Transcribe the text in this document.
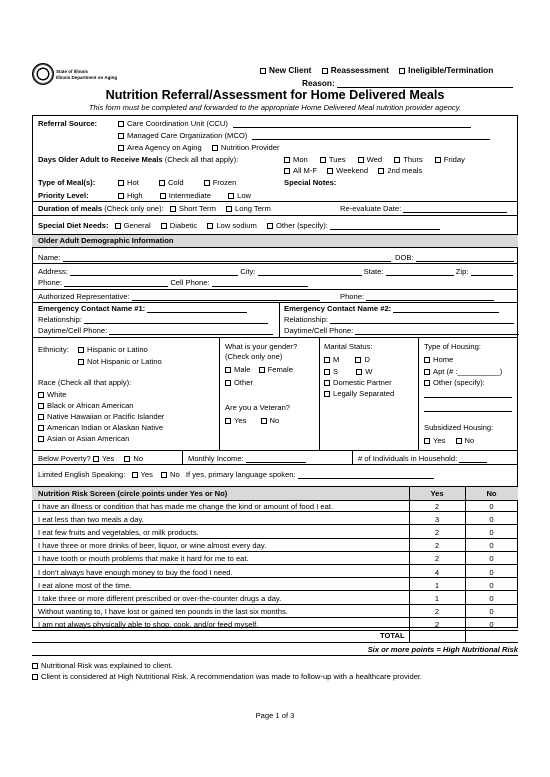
State of Illinois
Illinois Department on Aging
New Client Reassessment Ineligible/Termination
Reason:
Nutrition Referral/Assessment for Home Delivered Meals
This form must be completed and forwarded to the appropriate Home Delivered Meal nutrition provider agency.
Referral Source:	Care Coordination Unit (CCU)
Managed Care Organization (MCO)
Area Agency on Aging	Nutrition Provider
Days Older Adult to Receive Meals (Check all that apply):	Mon	Tues	Wed	Thurs	Friday
All M-F	Weekend	2nd meals
Type of Meal(s):	Hot	Cold	Frozen	Special Notes:
Priority Level:	High	Intermediate	Low
Duration of meals (Check only one): Short Term	Long Term	Re-evaluate Date:
Special Diet Needs: General	Diabetic	Low sodium	Other (specify):
Older Adult Demographic Information
Name:	DOB:
Address:	City:	State:	Zip:
Phone:	Cell Phone:
Authorized Representative:	Phone:
Emergency Contact Name #1:	Emergency Contact Name #2:
Relationship:	Relationship:
Daytime/Cell Phone:	Daytime/Cell Phone:
Ethnicity:	Hispanic or Latino
Not Hispanic or Latino
Race (Check all that apply):
White
Black or African American
Native Hawaiian or Pacific Islander
American Indian or Alaskan Native
Asian or Asian American
What is your gender?
(Check only one)
Male Female
Other
Are you a Veteran?
Yes	No
Marital Status:
M	D
S	W
Domestic Partner
Legally Separated
Type of Housing:
Home
Apt (# :__________)
Other (specify):
Subsidized Housing:
Yes	No
Below Poverty? Yes	No	Monthly Income:	# of Individuals in Household:
Limited English Speaking: Yes No If yes, primary language spoken:
Nutrition Risk Screen (circle points under Yes or No)	Yes	No
I have an illness or condition that has made me change the kind or amount of food I eat.	2	0
I eat less than two meals a day.	3	0
I eat few fruits and vegetables, or milk products.	2	0
I have three or more drinks of beer, liquor, or wine almost every day.	2	0
I have tooth or mouth problems that make it hard for me to eat.	2	0
I don’t always have enough money to buy the food I need.	4	0
I eat alone most of the time.	1	0
I take three or more different prescribed or over-the-counter drugs a day.	1	0
Without wanting to, I have lost or gained ten pounds in the last six months.	2	0
I am not always physically able to shop, cook, and/or feed myself.	2	0
TOTAL
Six or more points = High Nutritional Risk
Nutritional Risk was explained to client.
Client is considered at High Nutritional Risk. A recommendation was made to follow-up with a healthcare provider.
Page 1 of 3
